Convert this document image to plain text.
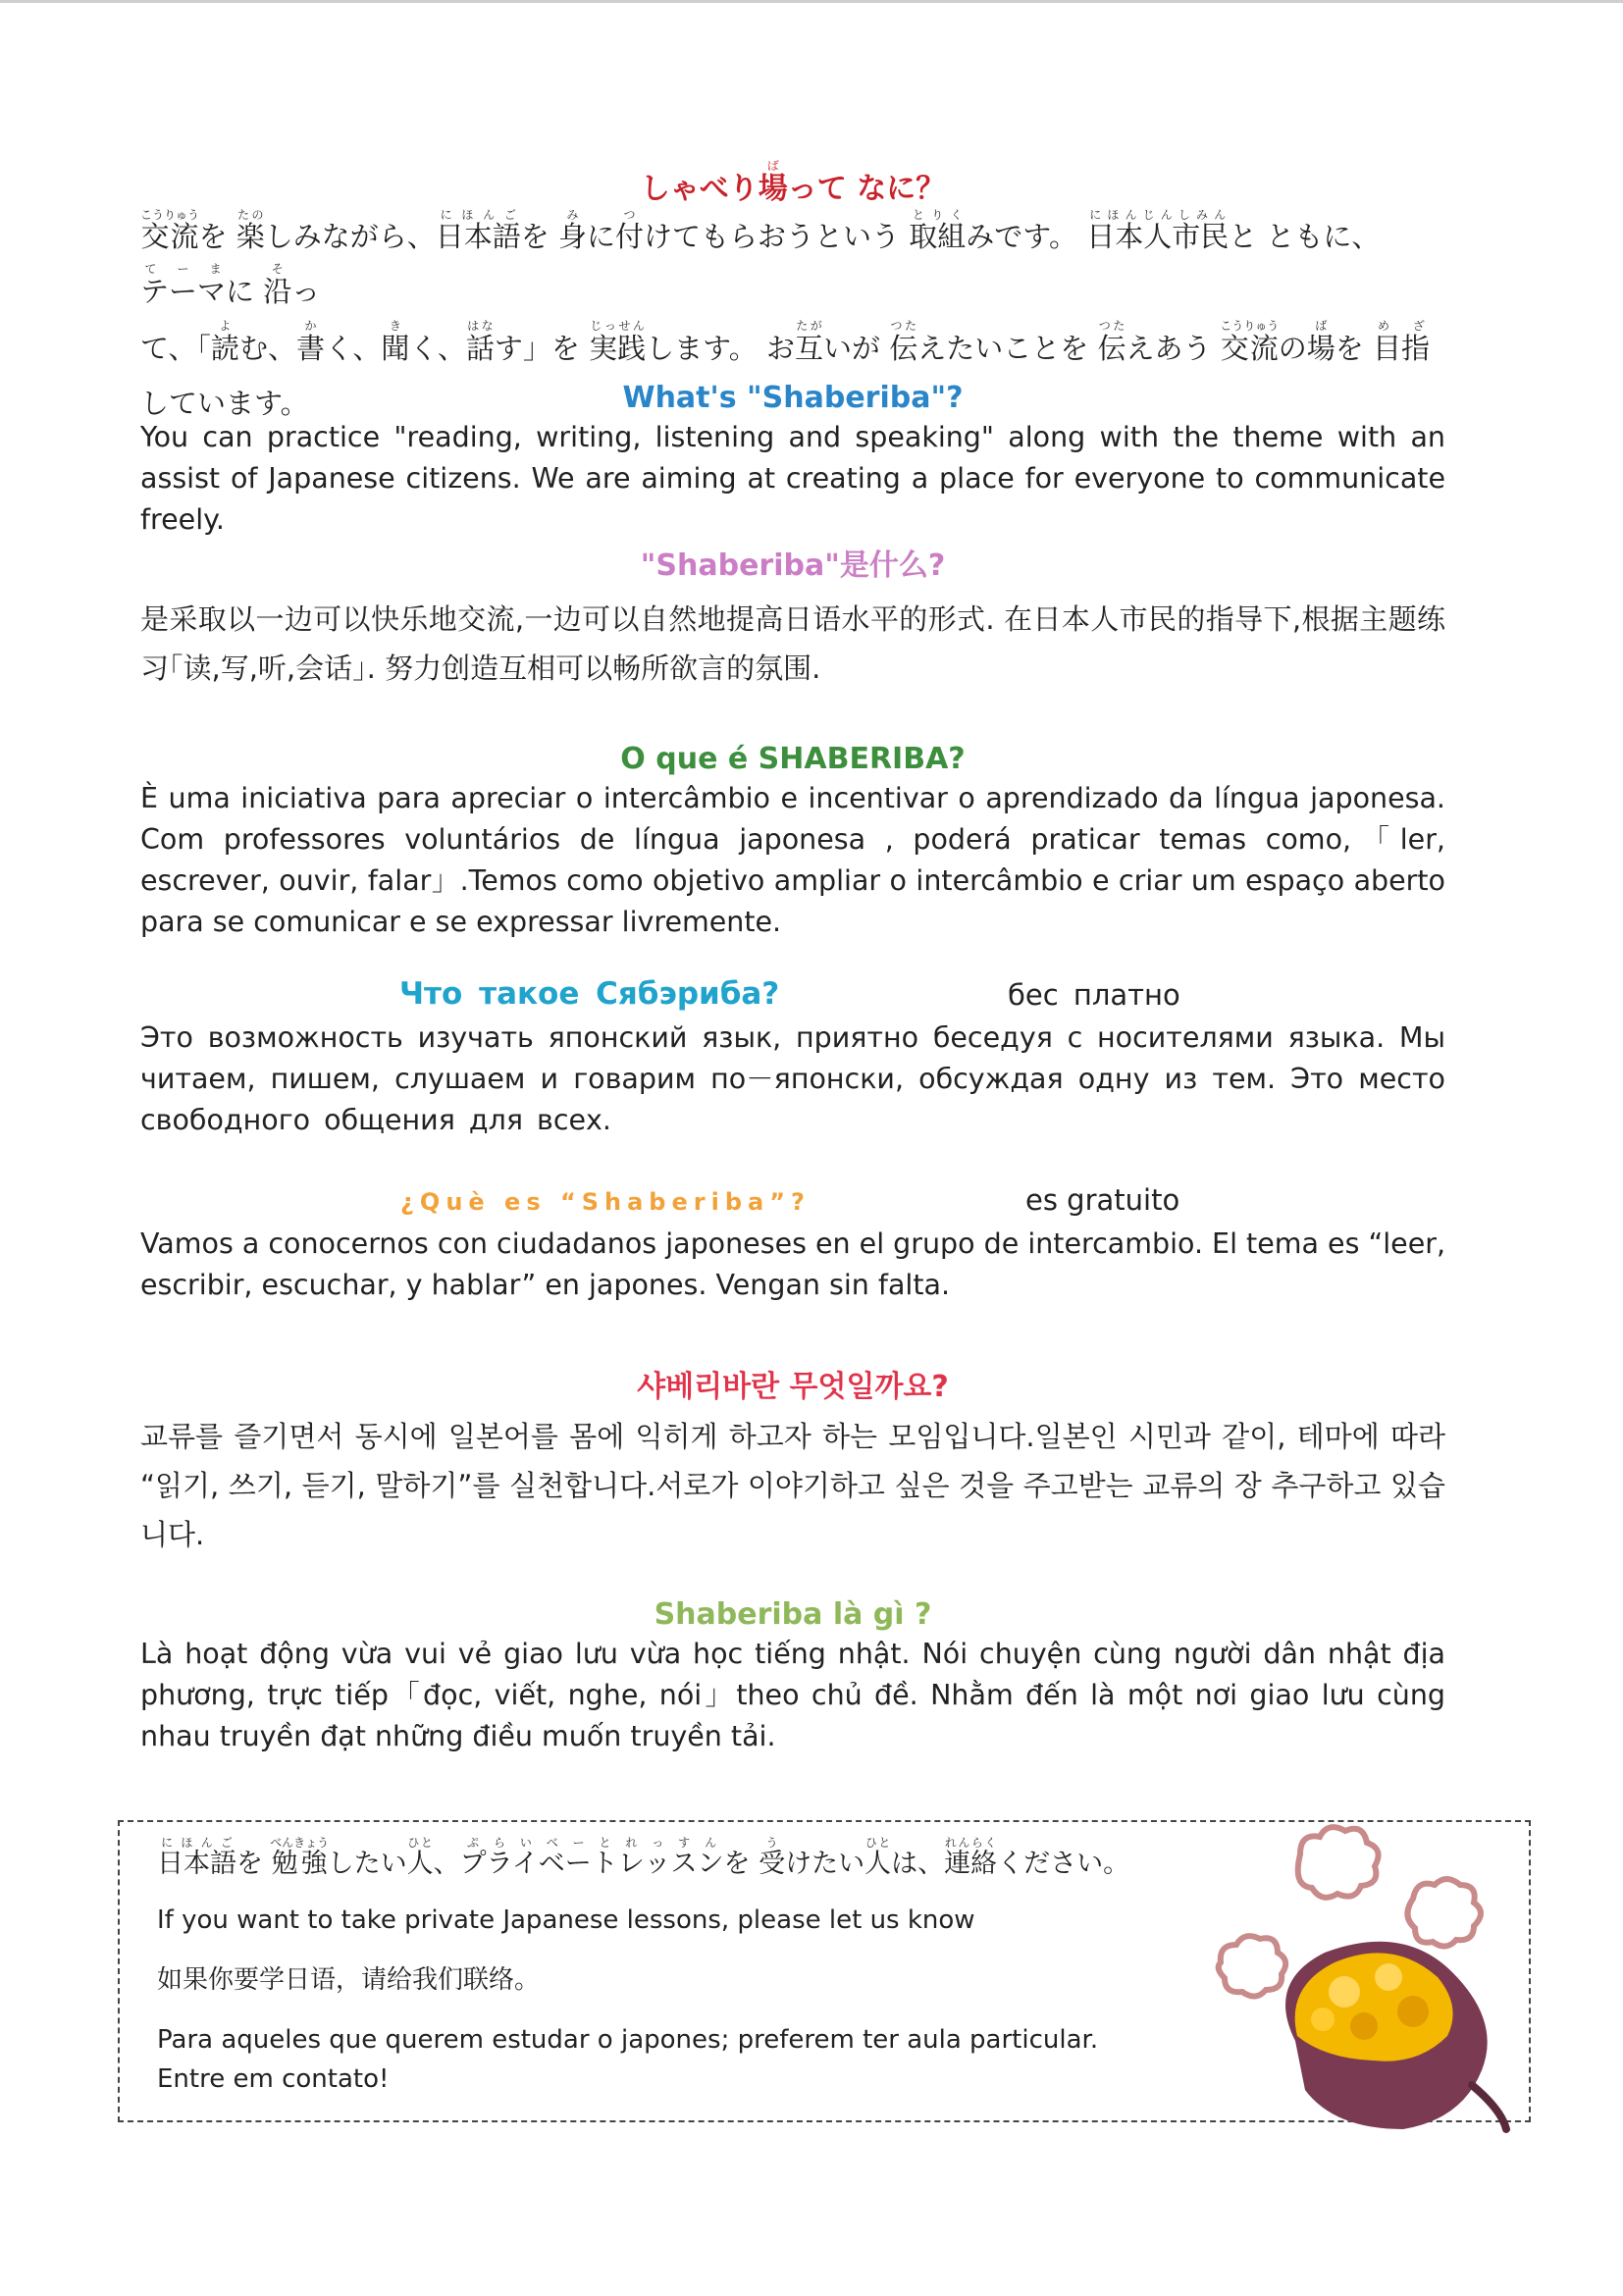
しゃべり場ばって なに？

交流こうりゅうを 楽たのしみながら、日本語にほんごを 身みに付つけてもらおうという 取組とりくみです。 日本人市民にほんじんしみんと ともに、テーマて ー まに 沿そっ

て、「読よむ、書かく、聞きく、話はなす」を 実践じっせんします。 お互たがいが 伝つたえたいことを 伝つたえあう 交流こうりゅうの場ばを 目指め ざしています。	What's "Shaberiba"?

You can practice "reading, writing, listening and speaking" along with the theme with an assist of Japanese citizens. We are aiming at creating a place for everyone to communicate freely.

"Shaberiba"是什么?

是采取以一边可以快乐地交流,一边可以自然地提高日语水平的形式. 在日本人市民的指导下,根据主题练习｢读,写,听,会话｣. 努力创造互相可以畅所欲言的氛围.

O que é SHABERIBA?

È uma iniciativa para apreciar o intercâmbio e incentivar o aprendizado da língua japonesa. Com professores voluntários de língua japonesa , poderá praticar temas como,「ler, escrever, ouvir, falar」.Temos como objetivo ampliar o intercâmbio e criar um espaço aberto para se comunicar e se expressar livremente.

Что такое Сябэриба?	бес платно

Это возможность изучать японский язык, приятно беседуя с носителями языка. Мы читаем, пишем, слушаем и говарим по－японски, обсуждая одну из тем. Это место свободного общения для всех.

¿Què es “Shaberiba”?	es gratuito

Vamos a conocernos con ciudadanos japoneses en el grupo de intercambio. El tema es “leer, escribir, escuchar, y hablar” en japones. Vengan sin falta.

샤베리바란 무엇일까요?

교류를 즐기면서 동시에 일본어를 몸에 익히게 하고자 하는 모임입니다.일본인 시민과 같이, 테마에 따라 “읽기, 쓰기, 듣기, 말하기”를 실천합니다.서로가 이야기하고 싶은 것을 주고받는 교류의 장 추구하고 있습니다.

Shaberiba là gì ?

Là hoạt động vừa vui vẻ giao lưu vừa học tiếng nhật. Nói chuyện cùng người dân nhật địa phương, trực tiếp「đọc, viết, nghe, nói」theo chủ đề. Nhằm đến là một nơi giao lưu cùng nhau truyền đạt những điều muốn truyền tải.

日本語にほんごを 勉強べんきょうしたい人ひと、プライベートレッスンぷらいべーとれっすんを 受うけたい人ひとは、連絡れんらくください。

If you want to take private Japanese lessons, please let us know

如果你要学日语，请给我们联络。

Para aqueles que querem estudar o japones; preferem ter aula particular.

Entre em contato!
